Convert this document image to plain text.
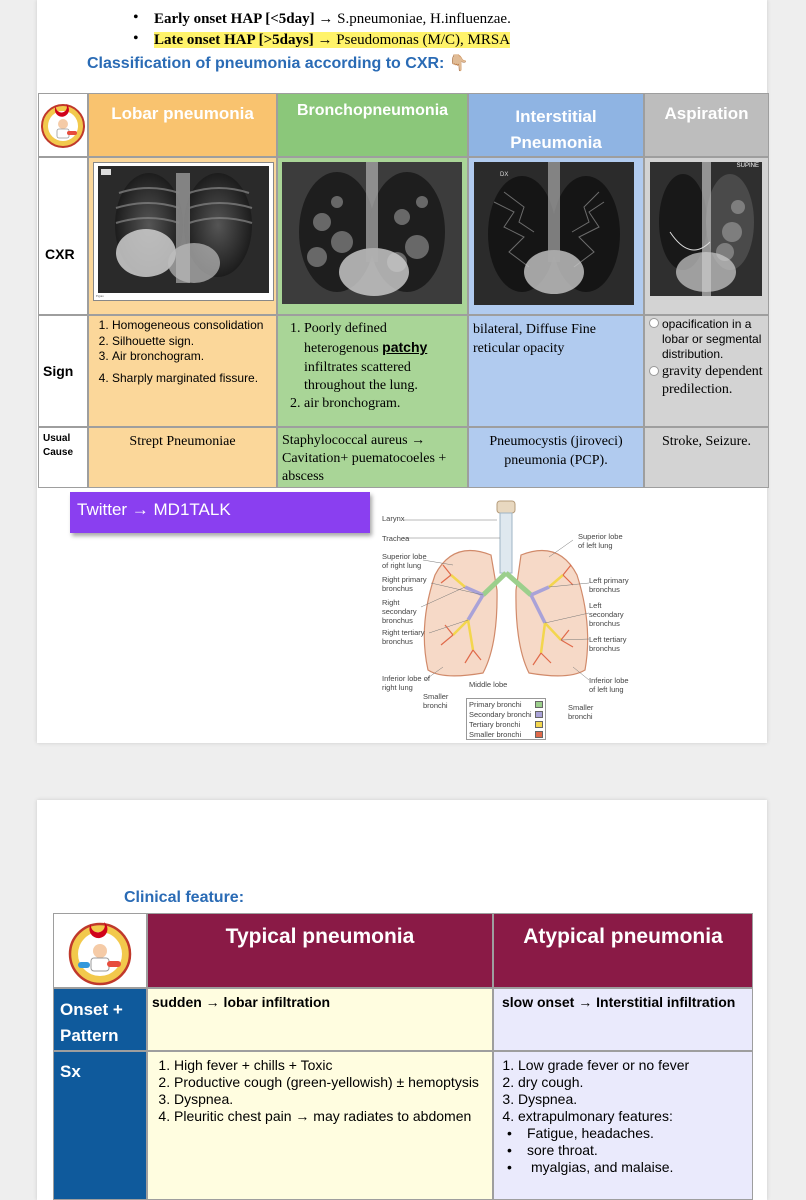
• Early onset HAP [<5day] → S.pneumoniae, H.influenzae.
• Late onset HAP [>5days] → Pseudomonas (M/C), MRSA
Classification of pneumonia according to CXR: 👇🏼
Lobar pneumonia	Bronchopneumonia	Interstitial Pneumonia
Aspiration
CXR
Figure
DX
SUPINE
Sign
1. Homogeneous consolidation
2. Silhouette sign.
3. Air bronchogram.
4. Sharply marginated fissure.
1. Poorly defined heterogenous patchy infiltrates scattered throughout the lung.
2. air bronchogram.
bilateral, Diffuse Fine reticular opacity
opacification in a lobar or segmental distribution.
gravity dependent predilection.
Usual Cause
Strept Pneumoniae	Staphylococcal aureus → Cavitation+ puematocoeles + abscess
Pneumocystis (jiroveci) pneumonia (PCP).
Stroke, Seizure.
Twitter → MD1TALK	Larynx
Trachea
Superior lobe of right lung
Right primary bronchus
Right secondary bronchus
Right tertiary bronchus
Inferior lobe of right lung
Superior lobe of left lung
Left primary bronchus
Left secondary bronchus
Left tertiary bronchus
Inferior lobe of left lung
Smaller bronchi
Middle lobe
Smaller bronchi
Primary bronchi
Secondary bronchi
Tertiary bronchi
Smaller bronchi
Clinical feature:
Typical pneumonia	Atypical pneumonia
Onset + Pattern
sudden → lobar infiltration	slow onset → Interstitial infiltration
Sx
1.	High fever + chills + Toxic
2. Productive cough (green-yellowish) ± hemoptysis
3. Dyspnea.
4. Pleuritic chest pain → may radiates to abdomen
1. Low grade fever or no fever
2. dry cough.
3. Dyspnea.
4. extrapulmonary features:
• Fatigue, headaches.
• sore throat.
• myalgias, and malaise.
